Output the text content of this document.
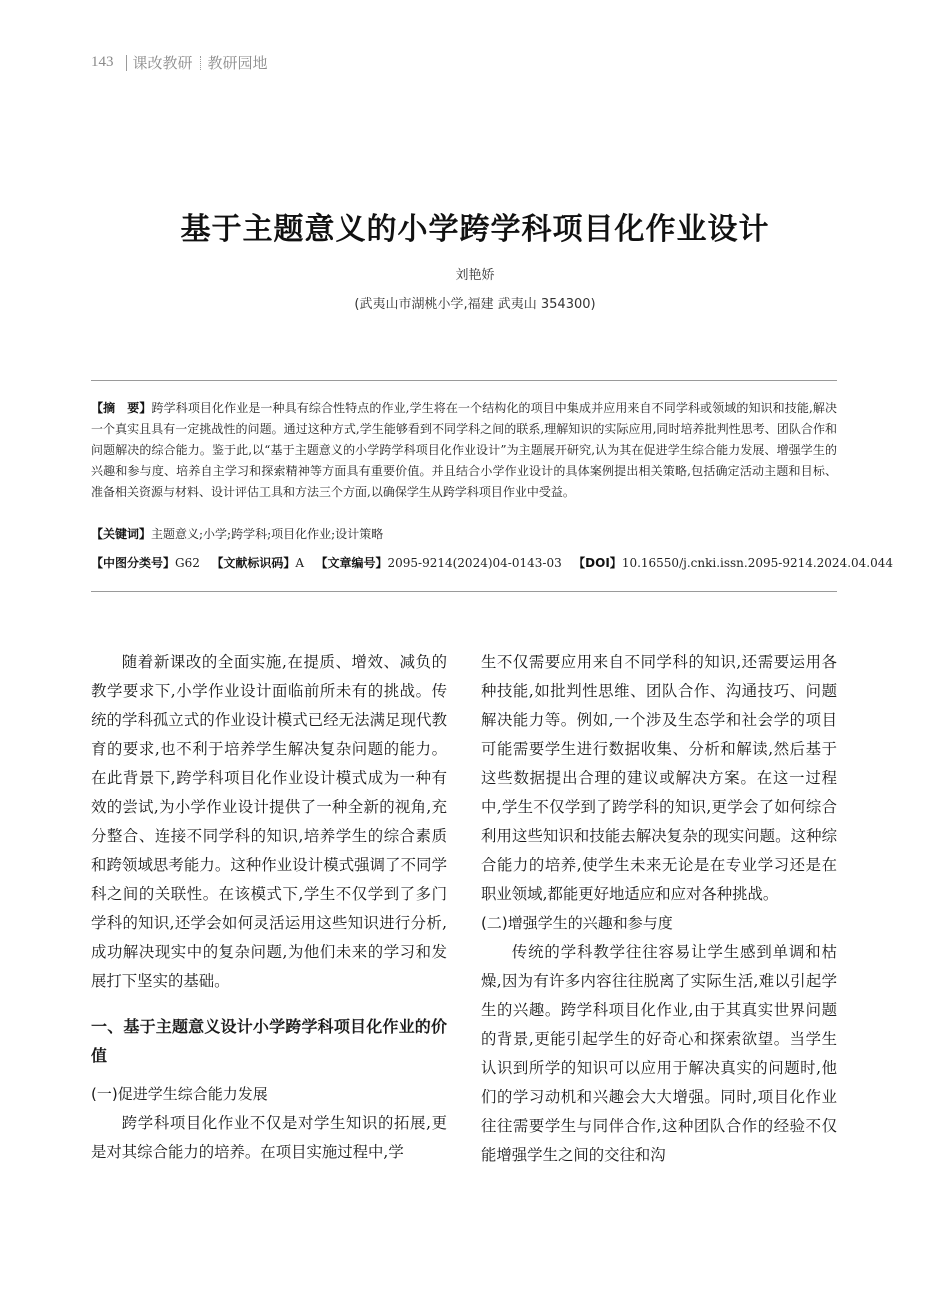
143 课改教研 教研园地
基于主题意义的小学跨学科项目化作业设计
刘艳娇
(武夷山市湖桃小学,福建 武夷山 354300)

【摘　要】跨学科项目化作业是一种具有综合性特点的作业,学生将在一个结构化的项目中集成并应用来自不同学科或领域的知识和技能,解决一个真实且具有一定挑战性的问题。通过这种方式,学生能够看到不同学科之间的联系,理解知识的实际应用,同时培养批判性思考、团队合作和问题解决的综合能力。鉴于此,以“基于主题意义的小学跨学科项目化作业设计”为主题展开研究,认为其在促进学生综合能力发展、增强学生的兴趣和参与度、培养自主学习和探索精神等方面具有重要价值。并且结合小学作业设计的具体案例提出相关策略,包括确定活动主题和目标、准备相关资源与材料、设计评估工具和方法三个方面,以确保学生从跨学科项目作业中受益。

【关键词】主题意义;小学;跨学科;项目化作业;设计策略

【中图分类号】G62 【文献标识码】A 【文章编号】2095-9214(2024)04-0143-03 【DOI】10.16550/j.cnki.issn.2095-9214.2024.04.044

随着新课改的全面实施,在提质、增效、减负的教学要求下,小学作业设计面临前所未有的挑战。传统的学科孤立式的作业设计模式已经无法满足现代教育的要求,也不利于培养学生解决复杂问题的能力。在此背景下,跨学科项目化作业设计模式成为一种有效的尝试,为小学作业设计提供了一种全新的视角,充分整合、连接不同学科的知识,培养学生的综合素质和跨领域思考能力。这种作业设计模式强调了不同学科之间的关联性。在该模式下,学生不仅学到了多门学科的知识,还学会如何灵活运用这些知识进行分析,成功解决现实中的复杂问题,为他们未来的学习和发展打下坚实的基础。

一、基于主题意义设计小学跨学科项目化作业的价值

(一)促进学生综合能力发展

跨学科项目化作业不仅是对学生知识的拓展,更是对其综合能力的培养。在项目实施过程中,学

生不仅需要应用来自不同学科的知识,还需要运用各种技能,如批判性思维、团队合作、沟通技巧、问题解决能力等。例如,一个涉及生态学和社会学的项目可能需要学生进行数据收集、分析和解读,然后基于这些数据提出合理的建议或解决方案。在这一过程中,学生不仅学到了跨学科的知识,更学会了如何综合利用这些知识和技能去解决复杂的现实问题。这种综合能力的培养,使学生未来无论是在专业学习还是在职业领域,都能更好地适应和应对各种挑战。

(二)增强学生的兴趣和参与度

传统的学科教学往往容易让学生感到单调和枯燥,因为有许多内容往往脱离了实际生活,难以引起学生的兴趣。跨学科项目化作业,由于其真实世界问题的背景,更能引起学生的好奇心和探索欲望。当学生认识到所学的知识可以应用于解决真实的问题时,他们的学习动机和兴趣会大大增强。同时,项目化作业往往需要学生与同伴合作,这种团队合作的经验不仅能增强学生之间的交往和沟
